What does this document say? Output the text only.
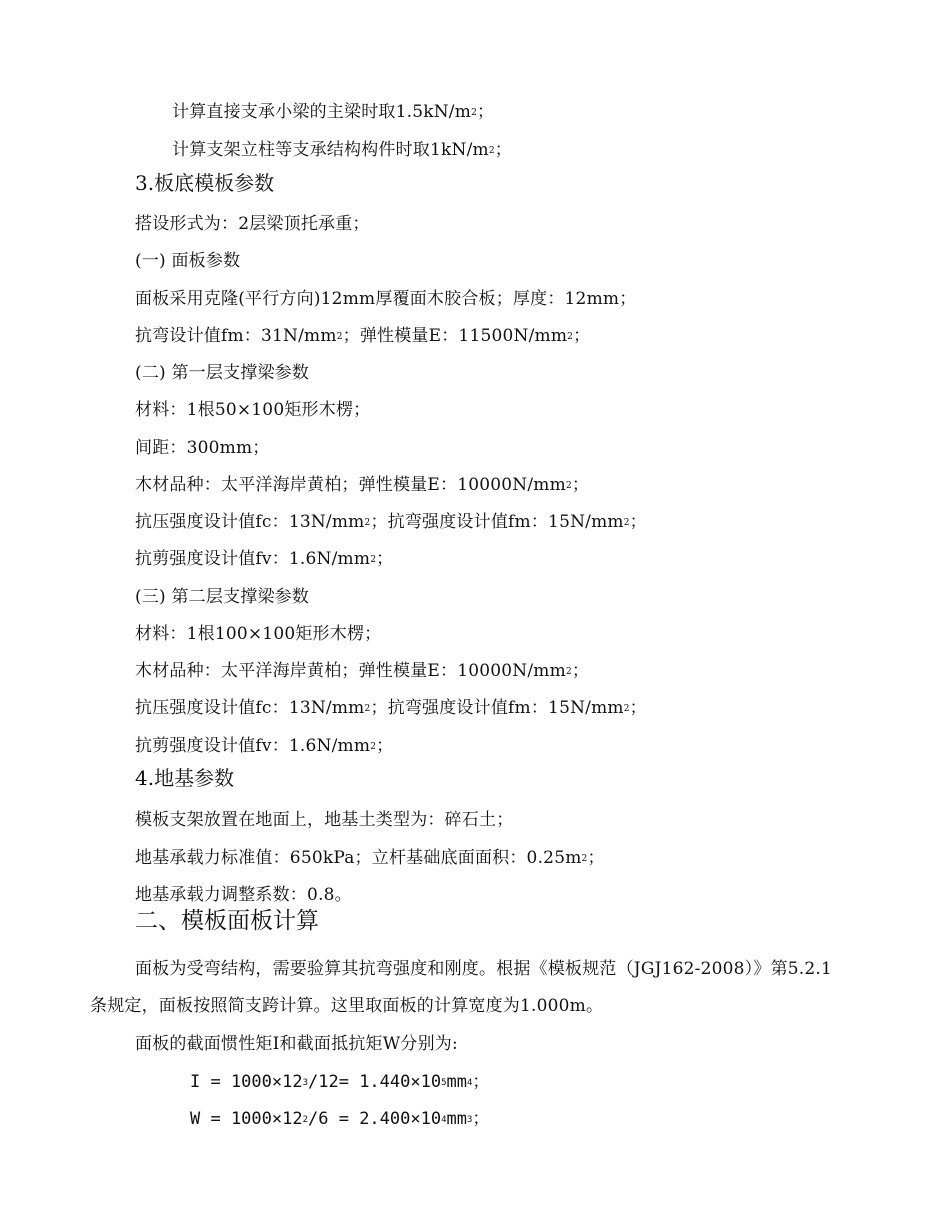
计算直接支承小梁的主梁时取$1.5kN/m^2$；
计算支架立柱等支承结构构件时取$1kN/m^2$；
3.板底模板参数
搭设形式为：2层梁顶托承重；
(一) 面板参数
面板采用克隆(平行方向)12mm厚覆面木胶合板；厚度：12mm；
抗弯设计值fm：$31N/mm^2$；弹性模量E：$11500N/mm^2$；
(二) 第一层支撑梁参数
材料：1根50×100矩形木楞；
间距：300mm；
木材品种：太平洋海岸黄柏；弹性模量E：$10000N/mm^2$；
抗压强度设计值fc：$13N/mm^2$；抗弯强度设计值fm：$15N/mm^2$；
抗剪强度设计值fv：$1.6N/mm^2$；
(三) 第二层支撑梁参数
材料：1根100×100矩形木楞；
木材品种：太平洋海岸黄柏；弹性模量E：$10000N/mm^2$；
抗压强度设计值fc：$13N/mm^2$；抗弯强度设计值fm：$15N/mm^2$；
抗剪强度设计值fv：$1.6N/mm^2$；
4.地基参数
模板支架放置在地面上，地基土类型为：碎石土；
地基承载力标准值：650kPa；立杆基础底面面积：$0.25m^2$；
地基承载力调整系数：0.8。
二、模板面板计算
面板为受弯结构，需要验算其抗弯强度和刚度。根据《模板规范（JGJ162-2008）》第5.2.1
条规定，面板按照简支跨计算。这里取面板的计算宽度为1.000m。
面板的截面惯性矩I和截面抵抗矩W分别为:
$I = 1000\times 12^3/12= 1.440\times 10^5mm^4$；
$W = 1000\times 12^2/6 = 2.400\times 10^4mm^3$；
